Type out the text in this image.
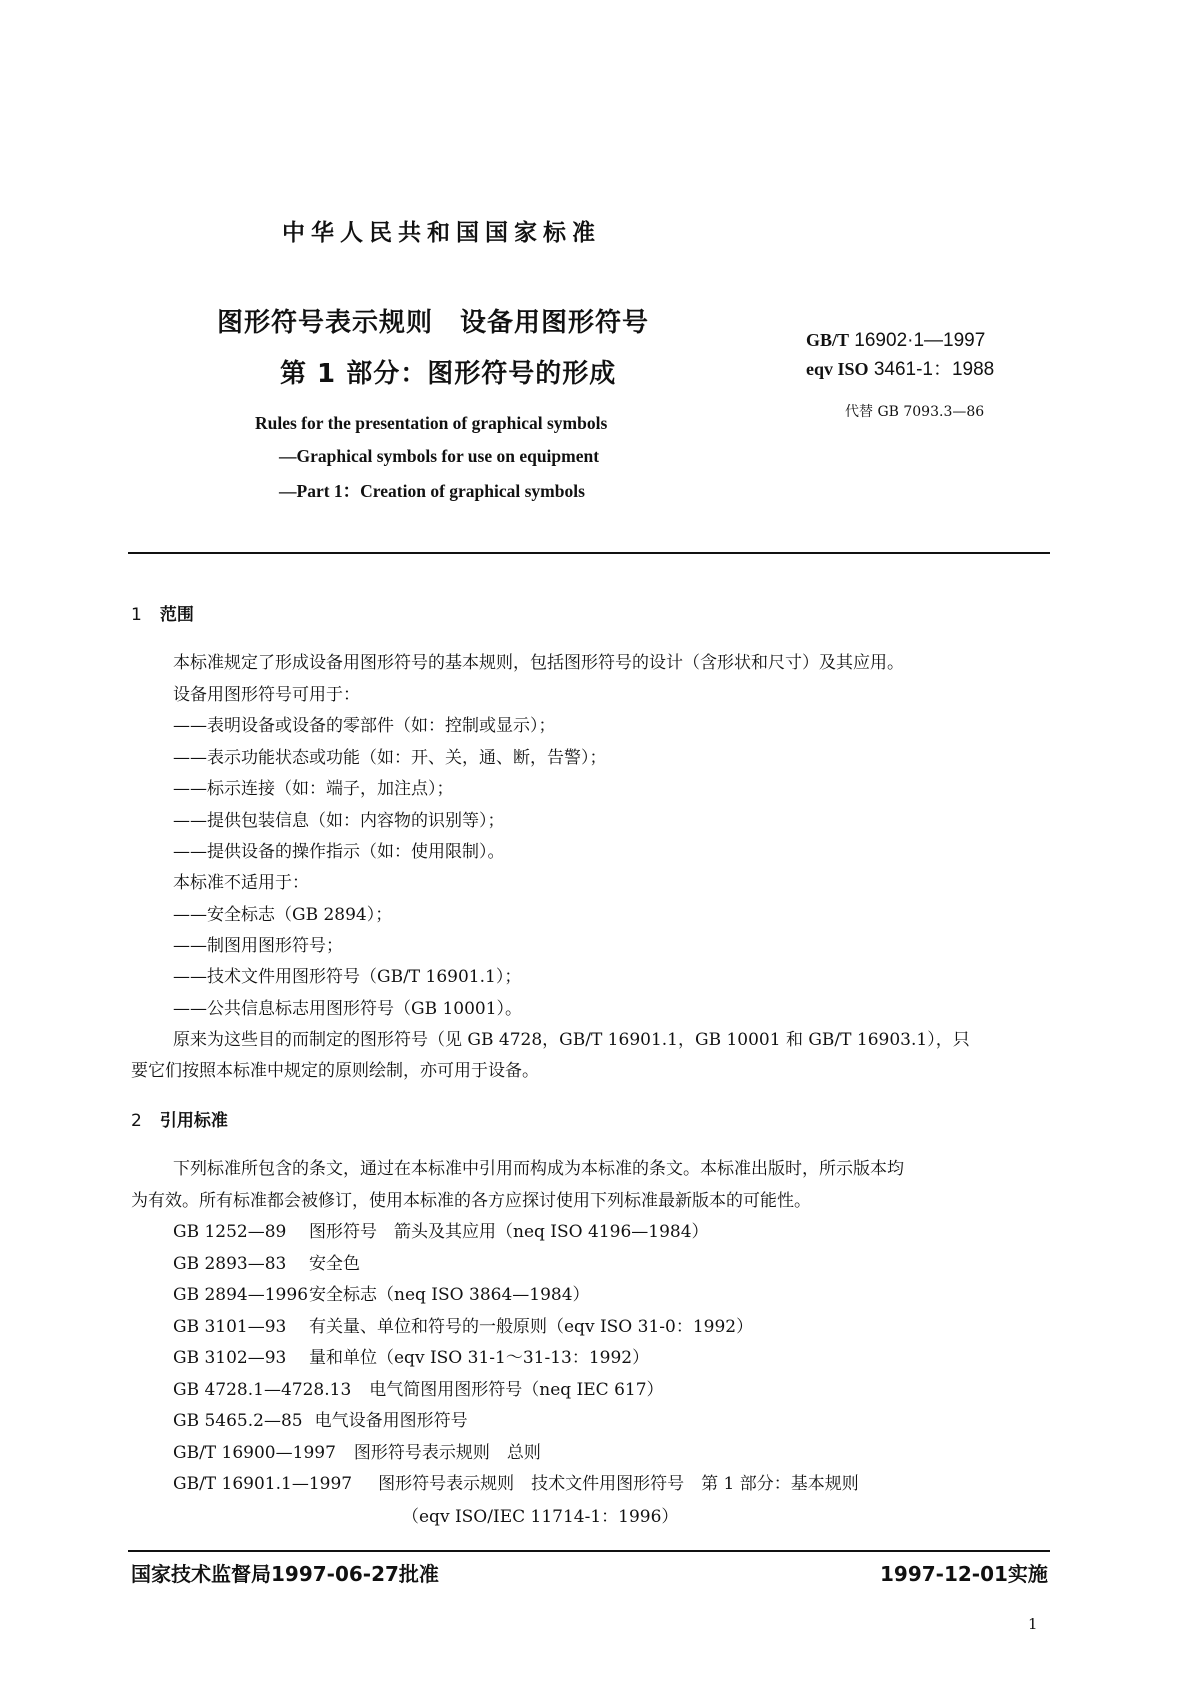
中华人民共和国国家标准
图形符号表示规则　设备用图形符号
第 1 部分：图形符号的形成
GB/T 16902·1—1997
eqv ISO 3461-1：1988
代替 GB 7093.3—86
Rules for the presentation of graphical symbols
—Graphical symbols for use on equipment
—Part 1：Creation of graphical symbols
1 范围
本标准规定了形成设备用图形符号的基本规则，包括图形符号的设计（含形状和尺寸）及其应用。
设备用图形符号可用于：
——表明设备或设备的零部件（如：控制或显示）；
——表示功能状态或功能（如：开、关，通、断，告警）；
——标示连接（如：端子，加注点）；
——提供包装信息（如：内容物的识别等）；
——提供设备的操作指示（如：使用限制）。
本标准不适用于：
——安全标志（GB 2894）；
——制图用图形符号；
——技术文件用图形符号（GB/T 16901.1）；
——公共信息标志用图形符号（GB 10001）。
原来为这些目的而制定的图形符号（见 GB 4728，GB/T 16901.1，GB 10001 和 GB/T 16903.1），只
要它们按照本标准中规定的原则绘制，亦可用于设备。
2 引用标准
下列标准所包含的条文，通过在本标准中引用而构成为本标准的条文。本标准出版时，所示版本均
为有效。所有标准都会被修订，使用本标准的各方应探讨使用下列标准最新版本的可能性。
GB 1252—89 图形符号　箭头及其应用（neq ISO 4196—1984）
GB 2893—83 安全色
GB 2894—1996安全标志（neq ISO 3864—1984）
GB 3101—93 有关量、单位和符号的一般原则（eqv ISO 31-0：1992）
GB 3102—93 量和单位（eqv ISO 31-1～31-13：1992）
GB 4728.1—4728.13 电气简图用图形符号（neq IEC 617）
GB 5465.2—85 电气设备用图形符号
GB/T 16900—1997 图形符号表示规则　总则
GB/T 16901.1—1997 图形符号表示规则　技术文件用图形符号　第 1 部分：基本规则
（eqv ISO/IEC 11714-1：1996）
国家技术监督局1997-06-27批准	1997-12-01实施
1
